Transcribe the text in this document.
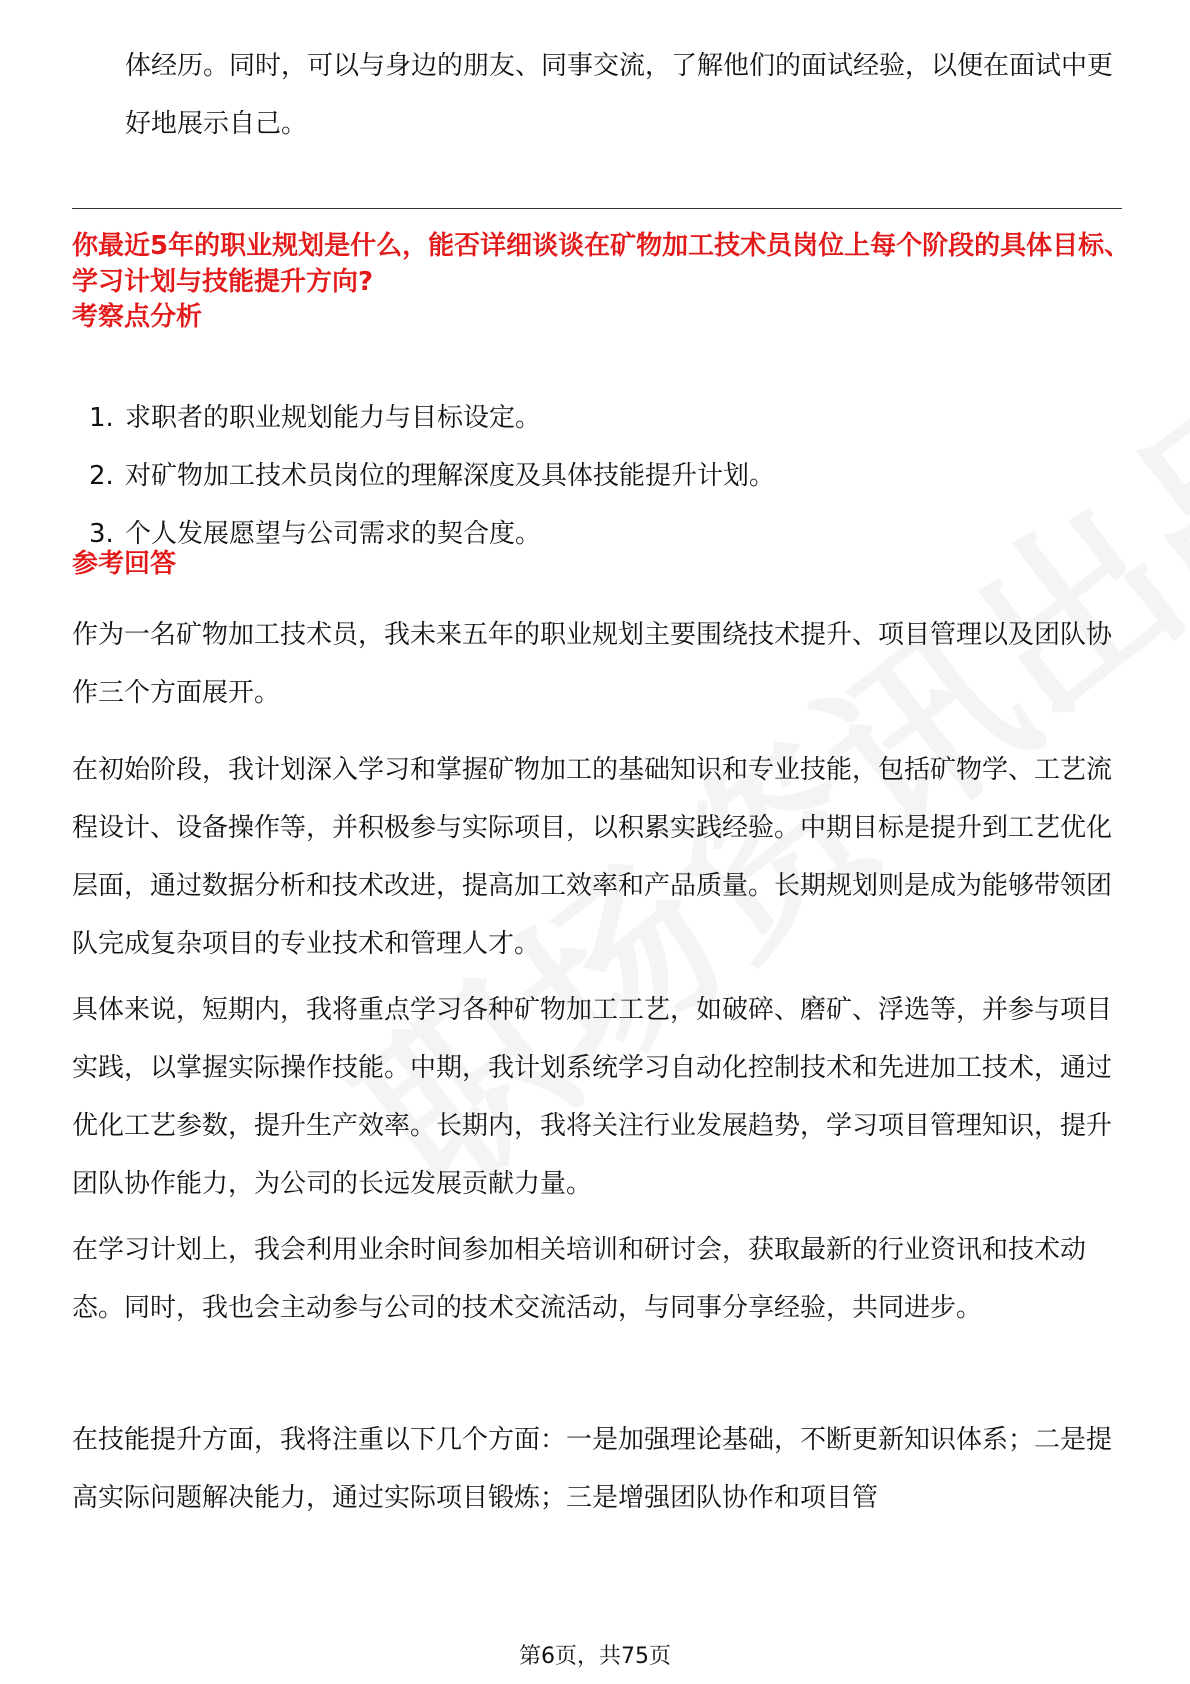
体经历。同时，可以与身边的朋友、同事交流，了解他们的面试经验，以便在面试中更好地展示自己。

你最近5年的职业规划是什么，能否详细谈谈在矿物加工技术员岗位上每个阶段的具体目标、学习计划与技能提升方向?

考察点分析

1. 求职者的职业规划能力与目标设定。
2. 对矿物加工技术员岗位的理解深度及具体技能提升计划。
3. 个人发展愿望与公司需求的契合度。

参考回答

作为一名矿物加工技术员，我未来五年的职业规划主要围绕技术提升、项目管理以及团队协作三个方面展开。

在初始阶段，我计划深入学习和掌握矿物加工的基础知识和专业技能，包括矿物学、工艺流程设计、设备操作等，并积极参与实际项目，以积累实践经验。中期目标是提升到工艺优化层面，通过数据分析和技术改进，提高加工效率和产品质量。长期规划则是成为能够带领团队完成复杂项目的专业技术和管理人才。

具体来说，短期内，我将重点学习各种矿物加工工艺，如破碎、磨矿、浮选等，并参与项目实践，以掌握实际操作技能。中期，我计划系统学习自动化控制技术和先进加工技术，通过优化工艺参数，提升生产效率。长期内，我将关注行业发展趋势，学习项目管理知识，提升团队协作能力，为公司的长远发展贡献力量。

在学习计划上，我会利用业余时间参加相关培训和研讨会，获取最新的行业资讯和技术动态。同时，我也会主动参与公司的技术交流活动，与同事分享经验，共同进步。

在技能提升方面，我将注重以下几个方面：一是加强理论基础，不断更新知识体系；二是提高实际问题解决能力，通过实际项目锻炼；三是增强团队协作和项目管

第6页，共75页
